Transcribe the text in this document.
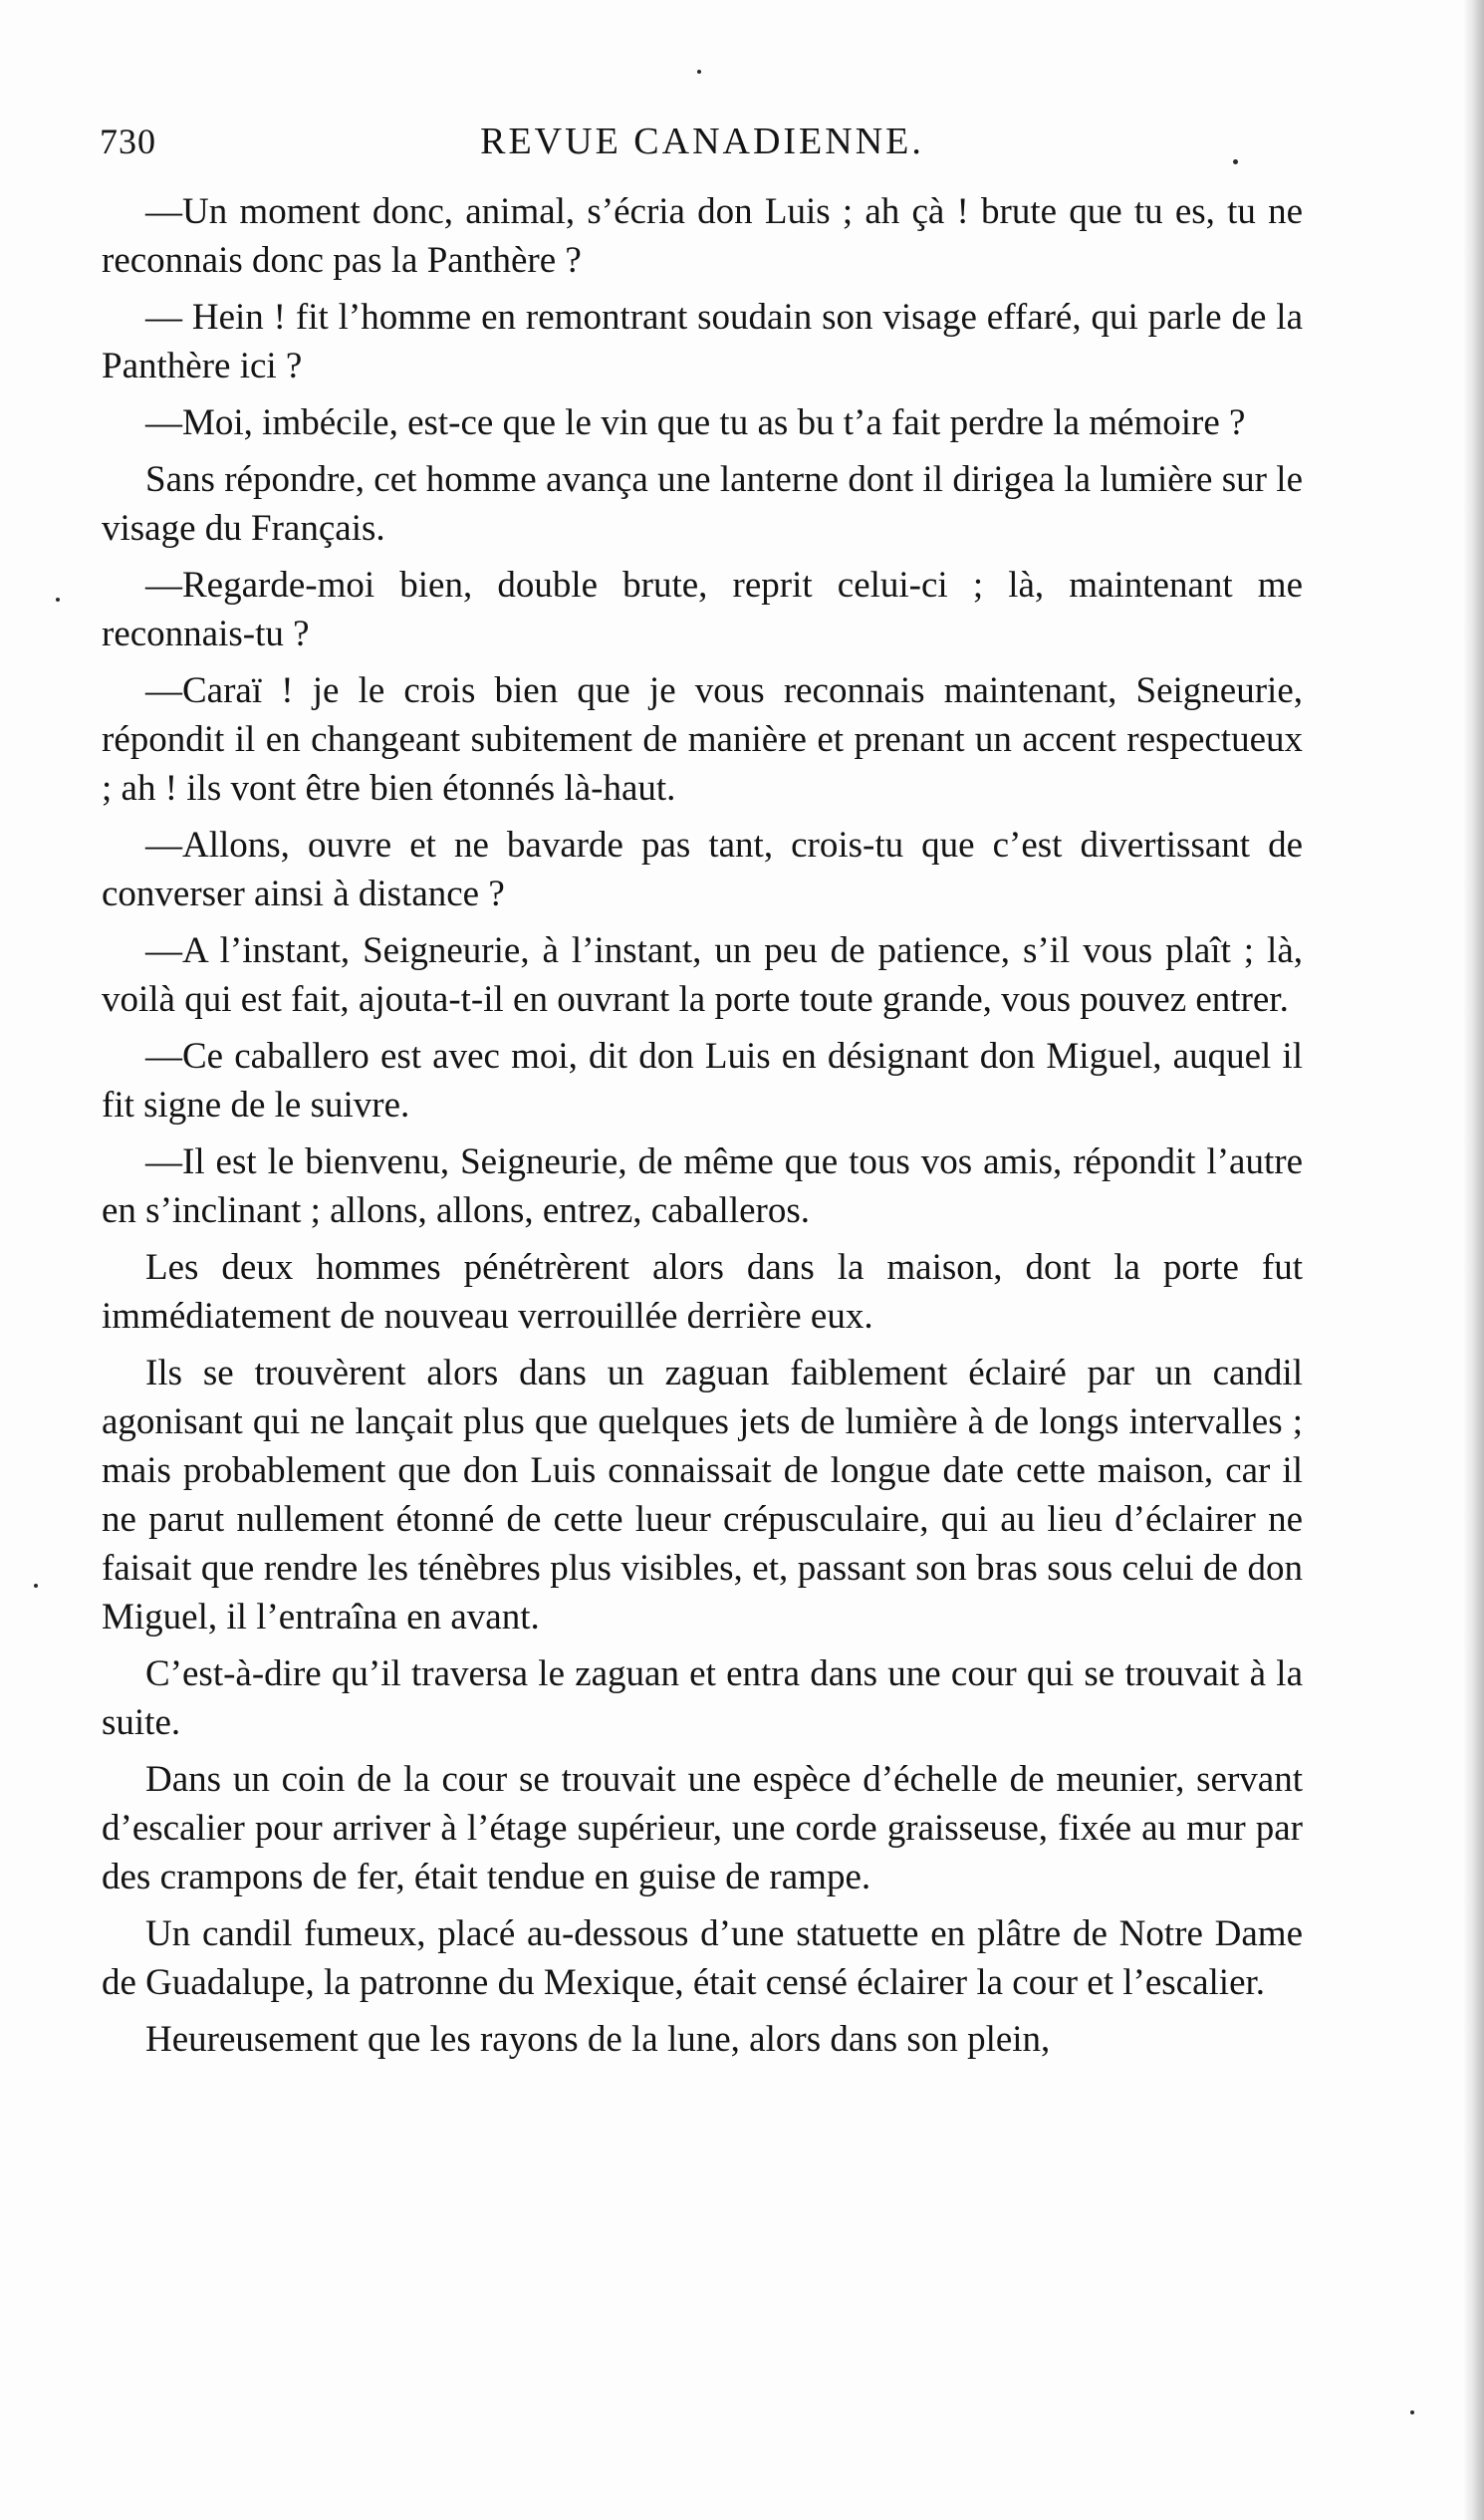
730	REVUE CANADIENNE.

—Un moment donc, animal, s’écria don Luis ; ah çà ! brute que tu es, tu ne reconnais donc pas la Panthère ?

— Hein ! fit l’homme en remontrant soudain son visage effaré, qui parle de la Panthère ici ?

—Moi, imbécile, est-ce que le vin que tu as bu t’a fait perdre la mémoire ?

Sans répondre, cet homme avança une lanterne dont il dirigea la lumière sur le visage du Français.

—Regarde-moi bien, double brute, reprit celui-ci ; là, maintenant me reconnais-tu ?

—Caraï ! je le crois bien que je vous reconnais maintenant, Seigneurie, répondit il en changeant subitement de manière et prenant un accent respectueux ; ah ! ils vont être bien étonnés là-haut.

—Allons, ouvre et ne bavarde pas tant, crois-tu que c’est divertissant de converser ainsi à distance ?

—A l’instant, Seigneurie, à l’instant, un peu de patience, s’il vous plaît ; là, voilà qui est fait, ajouta-t-il en ouvrant la porte toute grande, vous pouvez entrer.

—Ce caballero est avec moi, dit don Luis en désignant don Miguel, auquel il fit signe de le suivre.

—Il est le bienvenu, Seigneurie, de même que tous vos amis, répondit l’autre en s’inclinant ; allons, allons, entrez, caballeros.

Les deux hommes pénétrèrent alors dans la maison, dont la porte fut immédiatement de nouveau verrouillée derrière eux.

Ils se trouvèrent alors dans un zaguan faiblement éclairé par un candil agonisant qui ne lançait plus que quelques jets de lumière à de longs intervalles ; mais probablement que don Luis connaissait de longue date cette maison, car il ne parut nullement étonné de cette lueur crépusculaire, qui au lieu d’éclairer ne faisait que rendre les ténèbres plus visibles, et, passant son bras sous celui de don Miguel, il l’entraîna en avant.

C’est-à-dire qu’il traversa le zaguan et entra dans une cour qui se trouvait à la suite.

Dans un coin de la cour se trouvait une espèce d’échelle de meunier, servant d’escalier pour arriver à l’étage supérieur, une corde graisseuse, fixée au mur par des crampons de fer, était tendue en guise de rampe.

Un candil fumeux, placé au-dessous d’une statuette en plâtre de Notre Dame de Guadalupe, la patronne du Mexique, était censé éclairer la cour et l’escalier.

Heureusement que les rayons de la lune, alors dans son plein,
